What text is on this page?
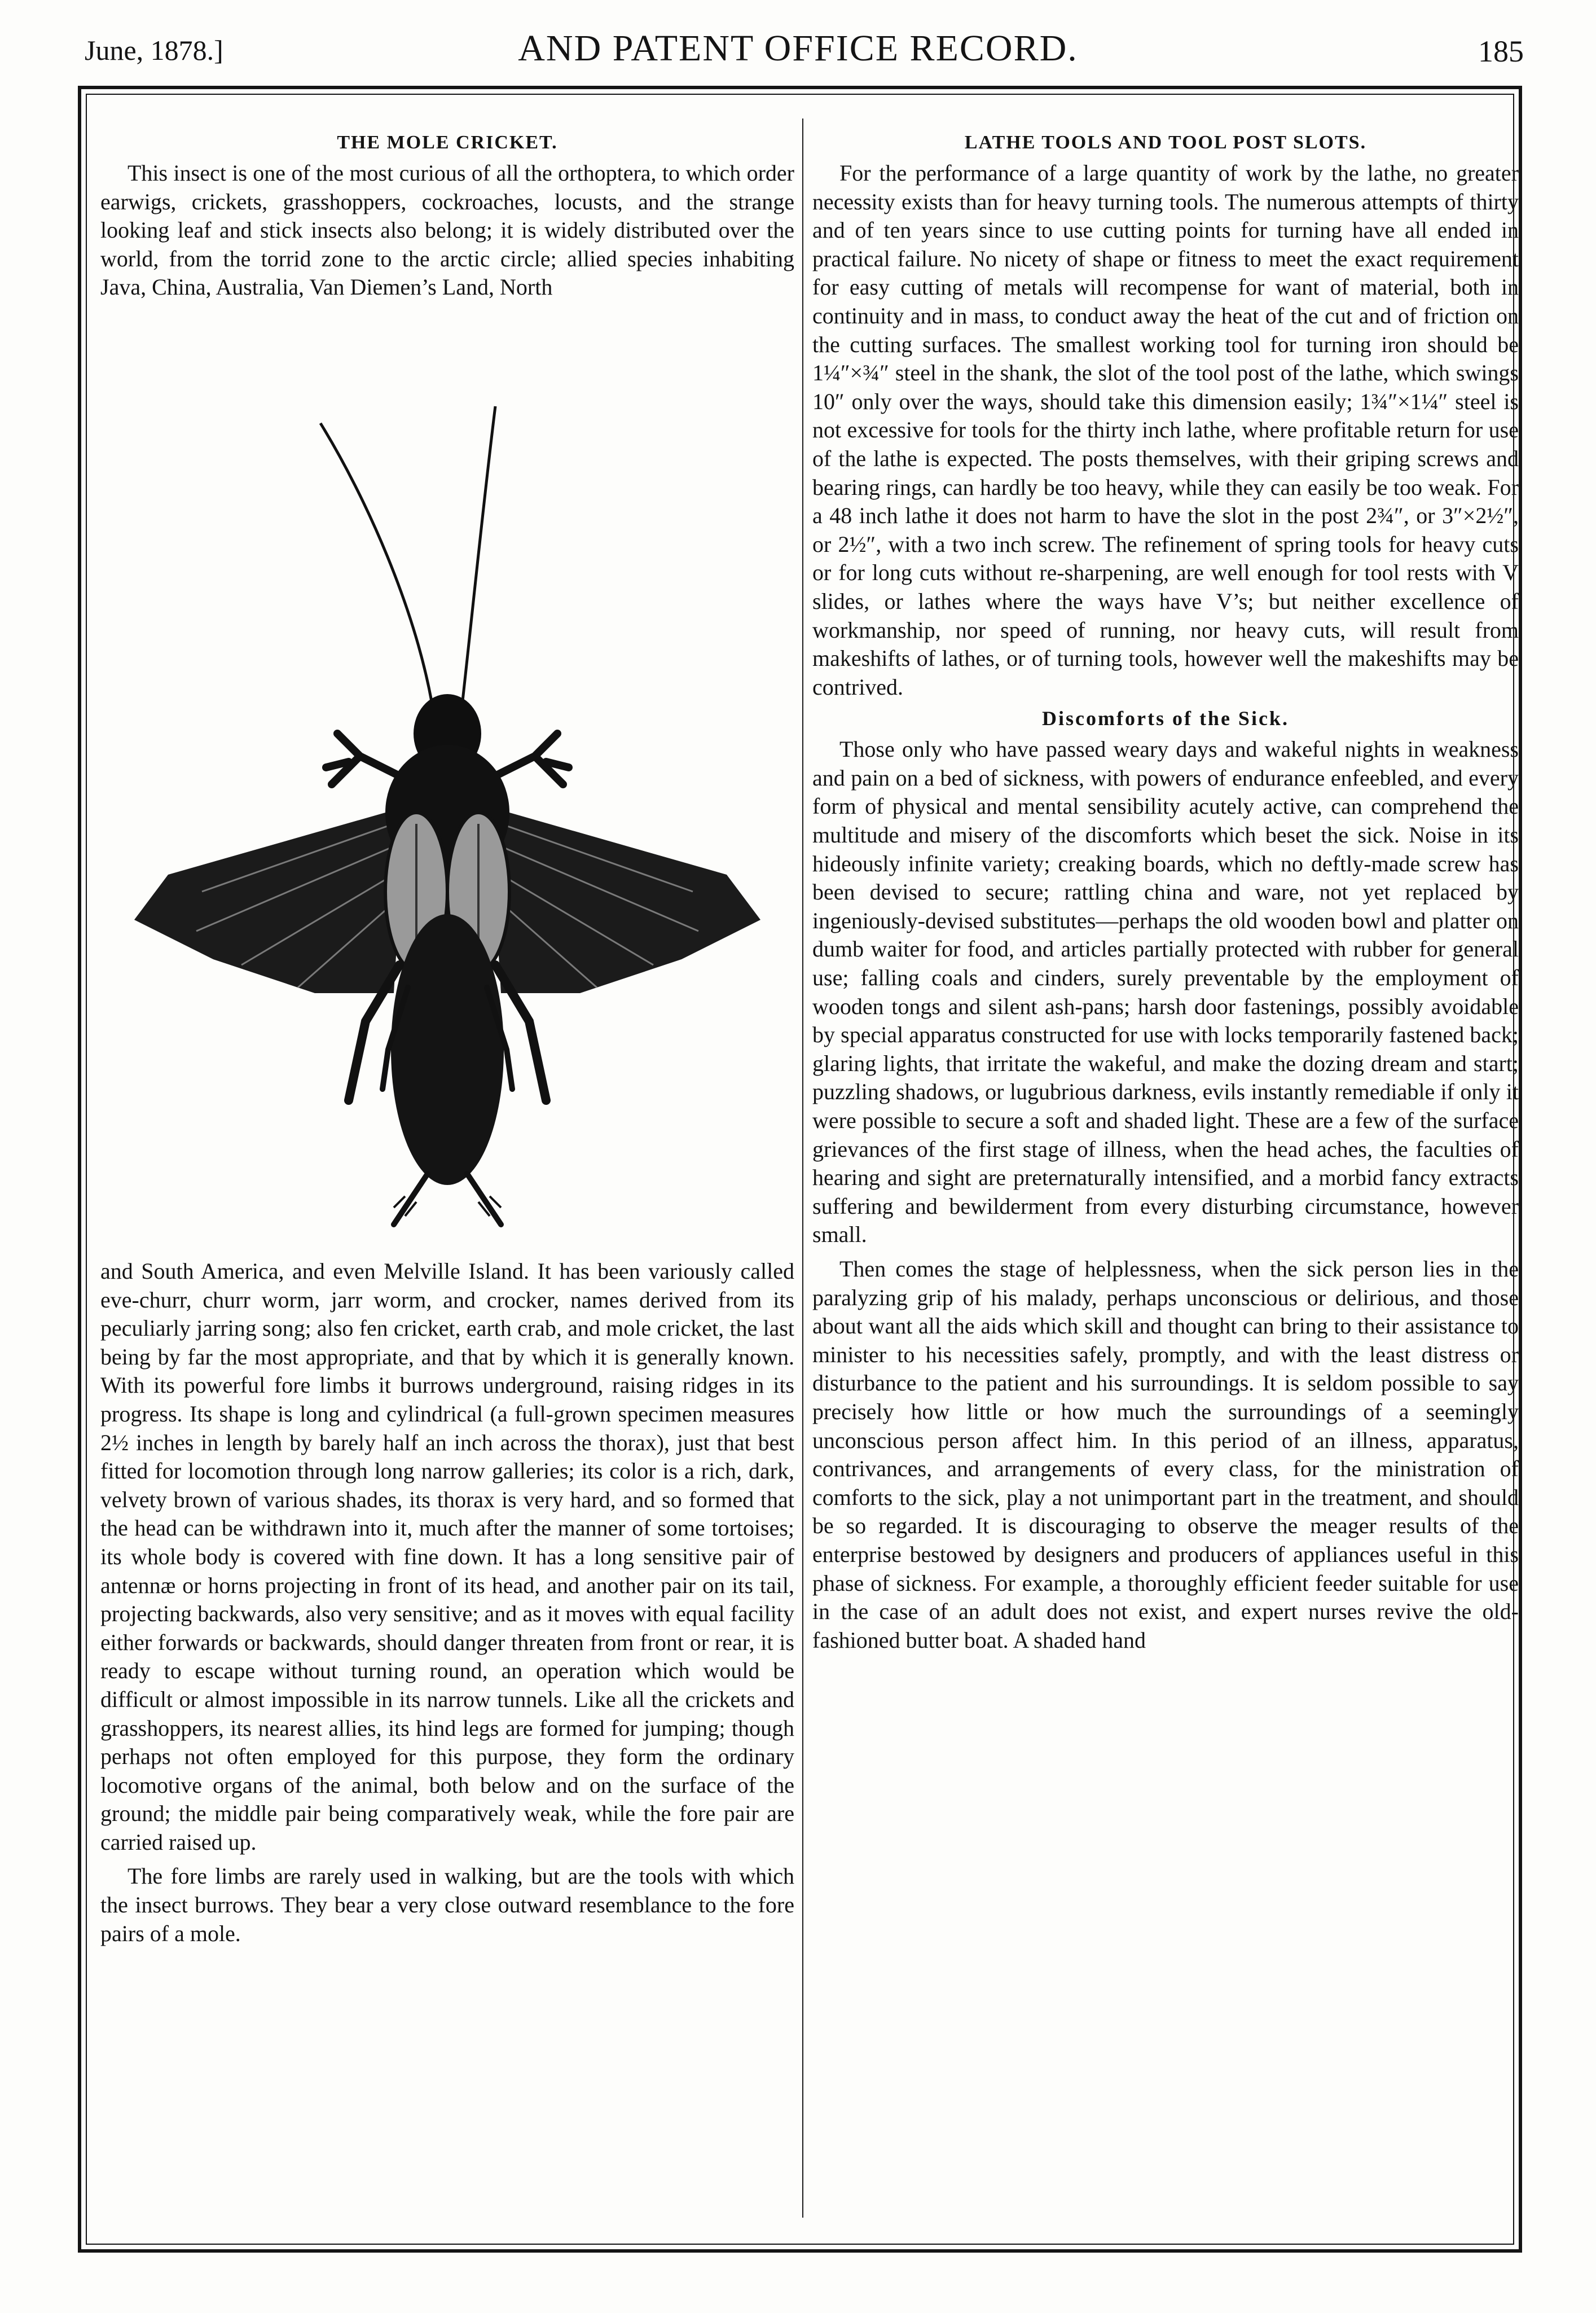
June, 1878.]	AND PATENT OFFICE RECORD.	185
THE MOLE CRICKET.

This insect is one of the most curious of all the orthoptera, to which order earwigs, crickets, grasshoppers, cockroaches, locusts, and the strange looking leaf and stick insects also belong; it is widely distributed over the world, from the torrid zone to the arctic circle; allied species inhabiting Java, China, Australia, Van Diemen’s Land, North

and South America, and even Melville Island. It has been variously called eve-churr, churr worm, jarr worm, and crocker, names derived from its peculiarly jarring song; also fen cricket, earth crab, and mole cricket, the last being by far the most appropriate, and that by which it is generally known. With its powerful fore limbs it burrows underground, raising ridges in its progress. Its shape is long and cylindrical (a full-grown specimen measures 2½ inches in length by barely half an inch across the thorax), just that best fitted for locomotion through long narrow galleries; its color is a rich, dark, velvety brown of various shades, its thorax is very hard, and so formed that the head can be withdrawn into it, much after the manner of some tortoises; its whole body is covered with fine down. It has a long sensitive pair of antennæ or horns projecting in front of its head, and another pair on its tail, projecting backwards, also very sensitive; and as it moves with equal facility either forwards or backwards, should danger threaten from front or rear, it is ready to escape without turning round, an operation which would be difficult or almost impossible in its narrow tunnels. Like all the crickets and grasshoppers, its nearest allies, its hind legs are formed for jumping; though perhaps not often employed for this purpose, they form the ordinary locomotive organs of the animal, both below and on the surface of the ground; the middle pair being comparatively weak, while the fore pair are carried raised up.

The fore limbs are rarely used in walking, but are the tools with which the insect burrows. They bear a very close outward resemblance to the fore pairs of a mole.

LATHE TOOLS AND TOOL POST SLOTS.

For the performance of a large quantity of work by the lathe, no greater necessity exists than for heavy turning tools. The numerous attempts of thirty and of ten years since to use cutting points for turning have all ended in practical failure. No nicety of shape or fitness to meet the exact requirement for easy cutting of metals will recompense for want of material, both in continuity and in mass, to conduct away the heat of the cut and of friction on the cutting surfaces. The smallest working tool for turning iron should be 1¼″×¾″ steel in the shank, the slot of the tool post of the lathe, which swings 10″ only over the ways, should take this dimension easily; 1¾″×1¼″ steel is not excessive for tools for the thirty inch lathe, where profitable return for use of the lathe is expected. The posts themselves, with their griping screws and bearing rings, can hardly be too heavy, while they can easily be too weak. For a 48 inch lathe it does not harm to have the slot in the post 2¾″, or 3″×2½″, or 2½″, with a two inch screw. The refinement of spring tools for heavy cuts or for long cuts without re-sharpening, are well enough for tool rests with V slides, or lathes where the ways have V’s; but neither excellence of workmanship, nor speed of running, nor heavy cuts, will result from makeshifts of lathes, or of turning tools, however well the makeshifts may be contrived.

Discomforts of the Sick.

Those only who have passed weary days and wakeful nights in weakness and pain on a bed of sickness, with powers of endurance enfeebled, and every form of physical and mental sensibility acutely active, can comprehend the multitude and misery of the discomforts which beset the sick. Noise in its hideously infinite variety; creaking boards, which no deftly-made screw has been devised to secure; rattling china and ware, not yet replaced by ingeniously-devised substitutes—perhaps the old wooden bowl and platter on dumb waiter for food, and articles partially protected with rubber for general use; falling coals and cinders, surely preventable by the employment of wooden tongs and silent ash-pans; harsh door fastenings, possibly avoidable by special apparatus constructed for use with locks temporarily fastened back; glaring lights, that irritate the wakeful, and make the dozing dream and start; puzzling shadows, or lugubrious darkness, evils instantly remediable if only it were possible to secure a soft and shaded light. These are a few of the surface grievances of the first stage of illness, when the head aches, the faculties of hearing and sight are preternaturally intensified, and a morbid fancy extracts suffering and bewilderment from every disturbing circumstance, however small.

Then comes the stage of helplessness, when the sick person lies in the paralyzing grip of his malady, perhaps unconscious or delirious, and those about want all the aids which skill and thought can bring to their assistance to minister to his necessities safely, promptly, and with the least distress or disturbance to the patient and his surroundings. It is seldom possible to say precisely how little or how much the surroundings of a seemingly unconscious person affect him. In this period of an illness, apparatus, contrivances, and arrangements of every class, for the ministration of comforts to the sick, play a not unimportant part in the treatment, and should be so regarded. It is discouraging to observe the meager results of the enterprise bestowed by designers and producers of appliances useful in this phase of sickness. For example, a thoroughly efficient feeder suitable for use in the case of an adult does not exist, and expert nurses revive the old-fashioned butter boat. A shaded hand
